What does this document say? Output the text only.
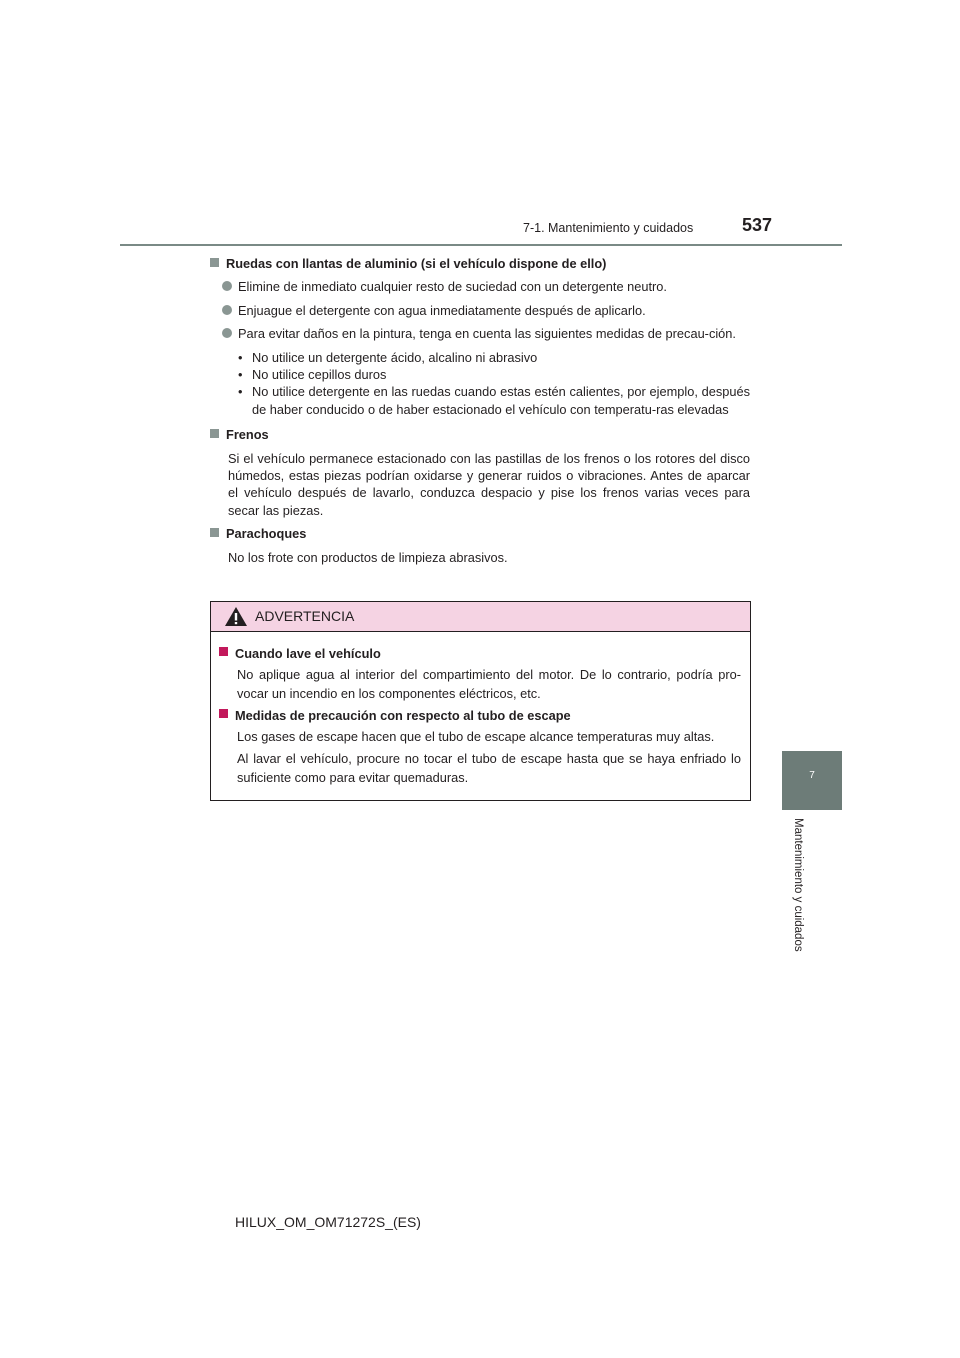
7-1. Mantenimiento y cuidados	537
7
Mantenimiento y cuidados
Ruedas con llantas de aluminio (si el vehículo dispone de ello)
Elimine de inmediato cualquier resto de suciedad con un detergente neutro.
Enjuague el detergente con agua inmediatamente después de aplicarlo.
Para evitar daños en la pintura, tenga en cuenta las siguientes medidas de precau-ción.

• No utilice un detergente ácido, alcalino ni abrasivo

• No utilice cepillos duros

• No utilice detergente en las ruedas cuando estas estén calientes, por ejemplo, después de haber conducido o de haber estacionado el vehículo con temperatu-ras elevadas

Frenos

Si el vehículo permanece estacionado con las pastillas de los frenos o los rotores del disco húmedos, estas piezas podrían oxidarse y generar ruidos o vibraciones. Antes de aparcar el vehículo después de lavarlo, conduzca despacio y pise los frenos varias veces para secar las piezas.

Parachoques

No los frote con productos de limpieza abrasivos.

ADVERTENCIA
Cuando lave el vehículo

No aplique agua al interior del compartimiento del motor. De lo contrario, podría pro-vocar un incendio en los componentes eléctricos, etc.

Medidas de precaución con respecto al tubo de escape

Los gases de escape hacen que el tubo de escape alcance temperaturas muy altas.

Al lavar el vehículo, procure no tocar el tubo de escape hasta que se haya enfriado lo suficiente como para evitar quemaduras.

HILUX_OM_OM71272S_(ES)
